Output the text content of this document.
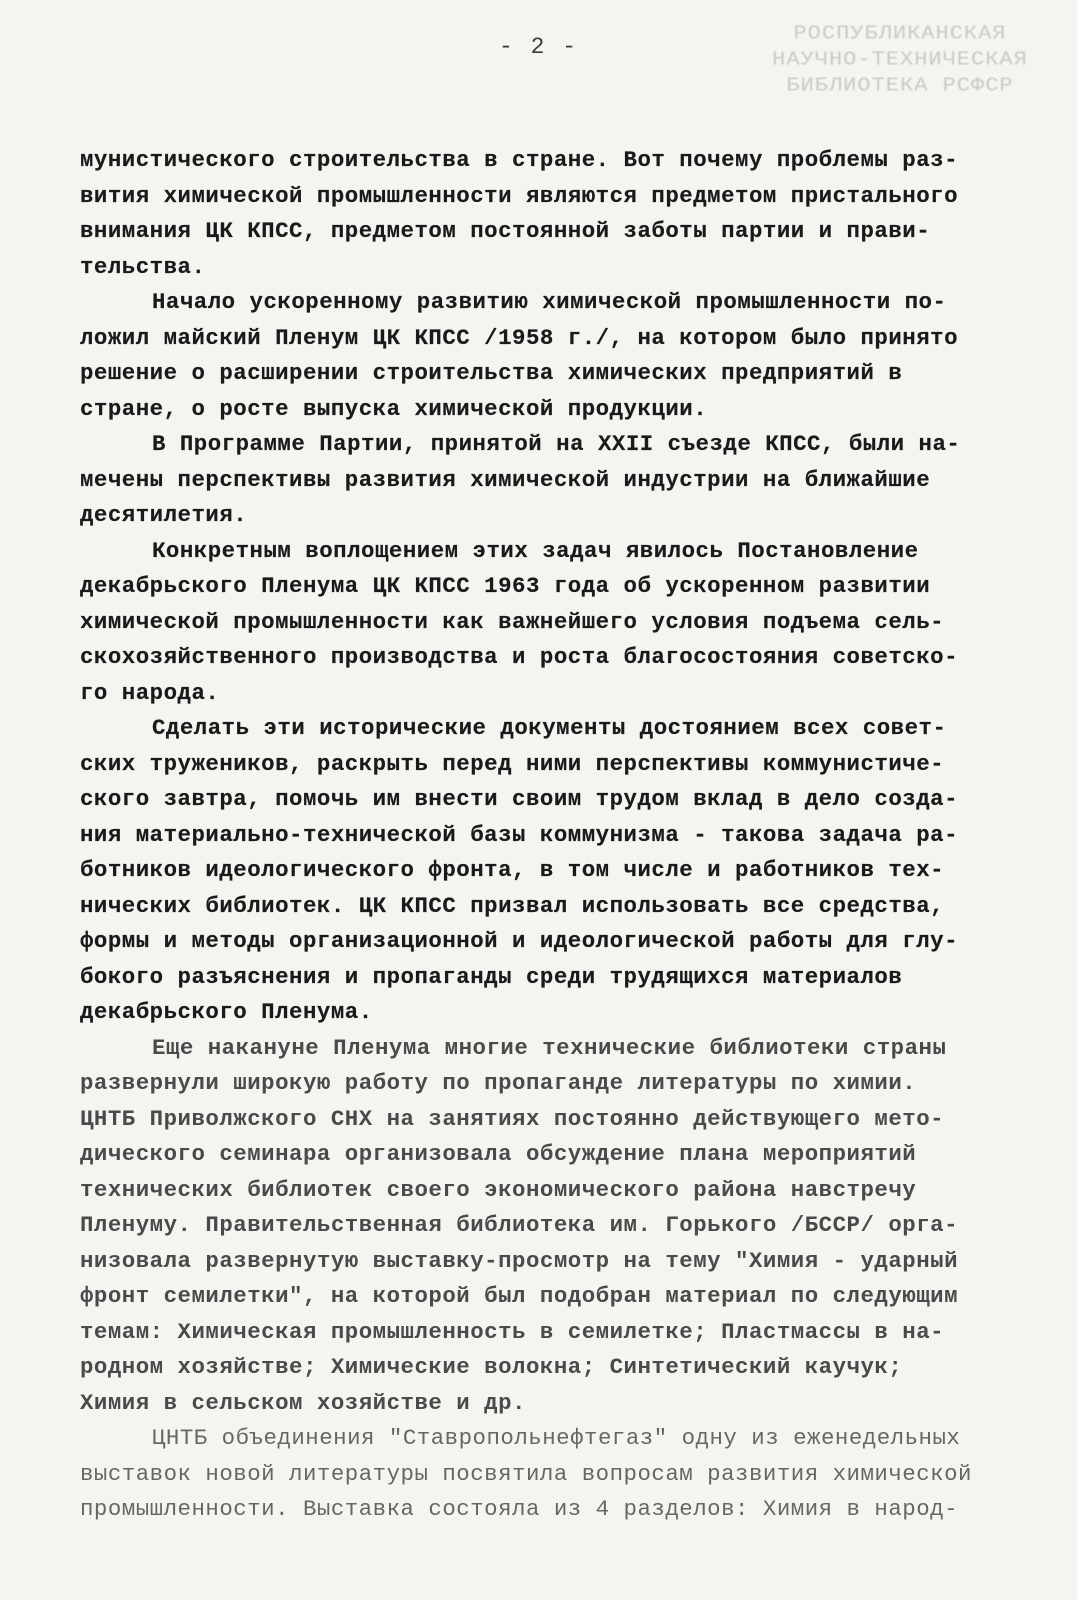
- 2 -
РОСПУБЛИКАНСКАЯ
НАУЧНО-ТЕХНИЧЕСКАЯ
БИБЛИОТЕКА РСФСР
мунистического строительства в стране. Вот почему проблемы раз-
вития химической промышленности являются предметом пристального
внимания ЦК КПСС, предметом постоянной заботы партии и прави-
тельства.
Начало ускоренному развитию химической промышленности по-
ложил майский Пленум ЦК КПСС /1958 г./, на котором было принято
решение о расширении строительства химических предприятий в
стране, о росте выпуска химической продукции.
В Программе Партии, принятой на XXII съезде КПСС, были на-
мечены перспективы развития химической индустрии на ближайшие
десятилетия.
Конкретным воплощением этих задач явилось Постановление
декабрьского Пленума ЦК КПСС 1963 года об ускоренном развитии
химической промышленности как важнейшего условия подъема сель-
скохозяйственного производства и роста благосостояния советско-
го народа.
Сделать эти исторические документы достоянием всех совет-
ских тружеников, раскрыть перед ними перспективы коммунистиче-
ского завтра, помочь им внести своим трудом вклад в дело созда-
ния материально-технической базы коммунизма - такова задача ра-
ботников идеологического фронта, в том числе и работников тех-
нических библиотек. ЦК КПСС призвал использовать все средства,
формы и методы организационной и идеологической работы для глу-
бокого разъяснения и пропаганды среди трудящихся материалов
декабрьского Пленума.
Еще накануне Пленума многие технические библиотеки страны
развернули широкую работу по пропаганде литературы по химии.
ЦНТБ Приволжского СНХ на занятиях постоянно действующего мето-
дического семинара организовала обсуждение плана мероприятий
технических библиотек своего экономического района навстречу
Пленуму. Правительственная библиотека им. Горького /БССР/ орга-
низовала развернутую выставку-просмотр на тему "Химия - ударный
фронт семилетки", на которой был подобран материал по следующим
темам: Химическая промышленность в семилетке; Пластмассы в на-
родном хозяйстве; Химические волокна; Синтетический каучук;
Химия в сельском хозяйстве и др.
ЦНТБ объединения "Ставропольнефтегаз" одну из еженедельных
выставок новой литературы посвятила вопросам развития химической
промышленности. Выставка состояла из 4 разделов: Химия в народ-
